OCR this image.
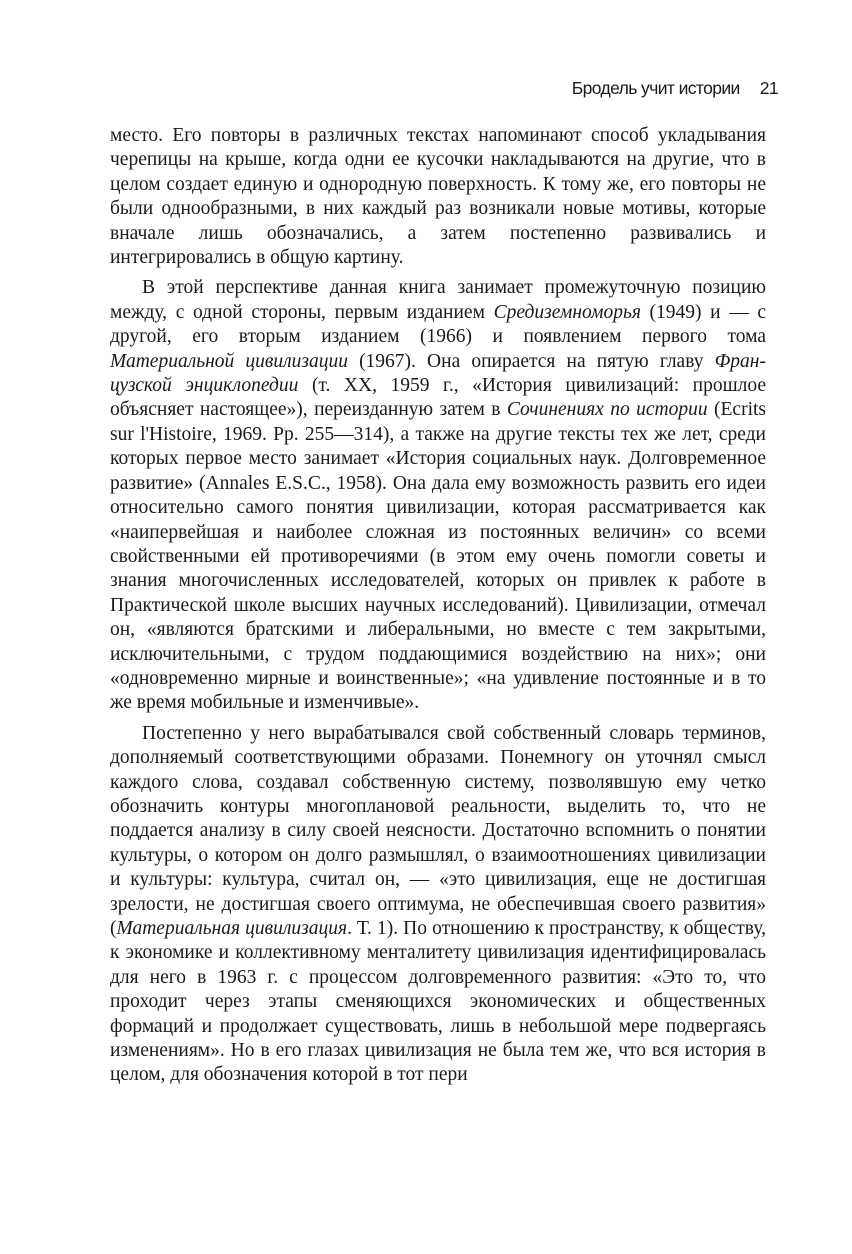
Бродель учит истории 21

место. Его повторы в различных текстах напоминают способ укладывания черепицы на крыше, когда одни ее кусочки накладываются на другие, что в целом создает единую и однородную поверхность. К тому же, его повторы не были однообразными, в них каждый раз возникали новые мотивы, которые вначале лишь обозначались, а затем постепенно развивались и интегрировались в общую картину.

В этой перспективе данная книга занимает промежуточную позицию между, с одной стороны, первым изданием Средиземноморья (1949) и — с другой, его вторым изданием (1966) и появлением первого тома Материальной цивилизации (1967). Она опирается на пятую главу Французской энциклопедии (т. XX, 1959 г., «История цивилизаций: прошлое объясняет настоящее»), переизданную затем в Сочинениях по истории (Ecrits sur l'Histoire, 1969. Pp. 255—314), а также на другие тексты тех же лет, среди которых первое место занимает «История социальных наук. Долговременное развитие» (Annales E.S.C., 1958). Она дала ему возможность развить его идеи относительно самого понятия цивилизации, которая рассматривается как «наипервейшая и наиболее сложная из постоянных величин» со всеми свойственными ей противоречиями (в этом ему очень помогли советы и знания многочисленных исследователей, которых он привлек к работе в Практической школе высших научных исследований). Цивилизации, отмечал он, «являются братскими и либеральными, но вместе с тем закрытыми, исключительными, с трудом поддающимися воздействию на них»; они «одновременно мирные и воинственные»; «на удивление постоянные и в то же время мобильные и изменчивые».

Постепенно у него вырабатывался свой собственный словарь терминов, дополняемый соответствующими образами. Понемногу он уточнял смысл каждого слова, создавал собственную систему, позволявшую ему четко обозначить контуры многоплановой реальности, выделить то, что не поддается анализу в силу своей неясности. Достаточно вспомнить о понятии культуры, о котором он долго размышлял, о взаимоотношениях цивилизации и культуры: культура, считал он, — «это цивилизация, еще не достигшая зрелости, не достигшая своего оптимума, не обеспечившая своего развития» (Материальная цивилизация. Т. 1). По отношению к пространству, к обществу, к экономике и коллективному менталитету цивилизация идентифицировалась для него в 1963 г. с процессом долговременного развития: «Это то, что проходит через этапы сменяющихся экономических и общественных формаций и продолжает существовать, лишь в небольшой мере подвергаясь изменениям». Но в его глазах цивилизация не была тем же, что вся история в целом, для обозначения которой в тот пери
